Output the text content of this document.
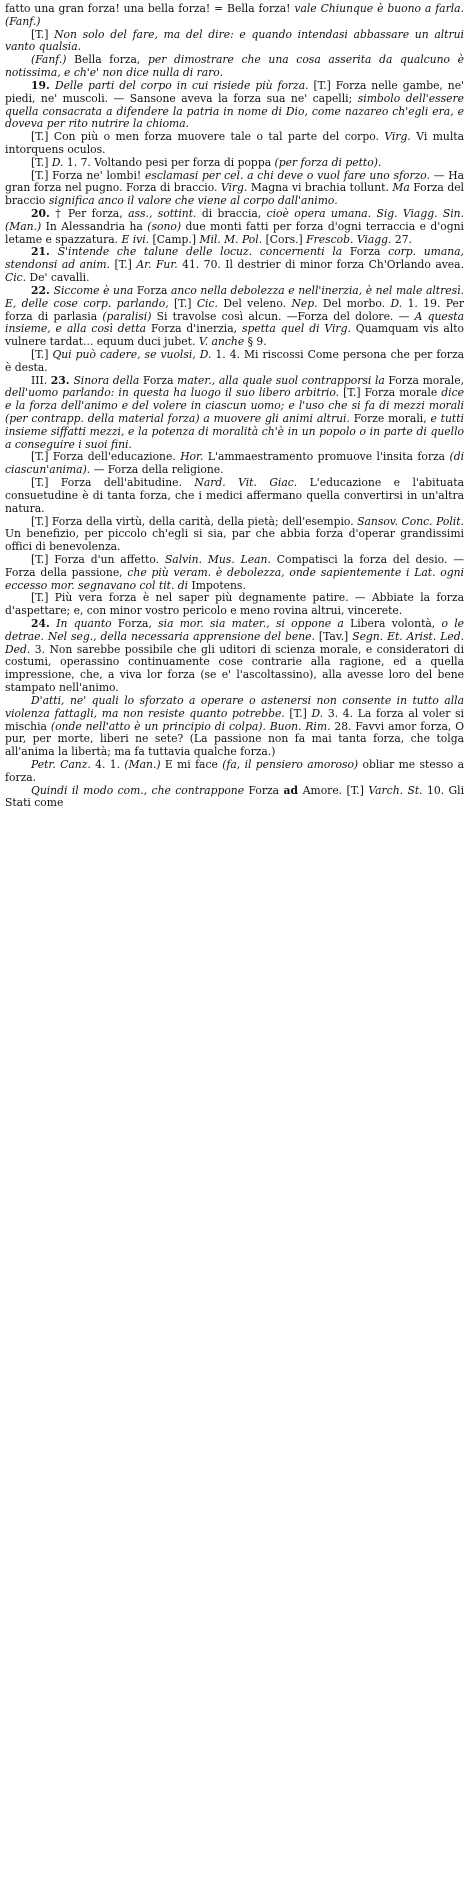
fatto una gran forza! una bella forza! = Bella forza! vale Chiunque è buono a farla. (Fanf.)

[T.] Non solo del fare, ma del dire: e quando intendasi abbassare un altrui vanto qualsia.

(Fanf.) Bella forza, per dimostrare che una cosa asserita da qualcuno è notissima, e ch'e' non dice nulla di raro.

19. Delle parti del corpo in cui risiede più forza. [T.] Forza nelle gambe, ne' piedi, ne' muscoli. — Sansone aveva la forza sua ne' capelli; simbolo dell'essere quella consacrata a difendere la patria in nome di Dio, come nazareo ch'egli era, e doveva per rito nutrire la chioma.

[T.] Con più o men forza muovere tale o tal parte del corpo. Virg. Vi multa intorquens oculos.

[T.] D. 1. 7. Voltando pesi per forza di poppa (per forza di petto).

[T.] Forza ne' lombi! esclamasi per cel. a chi deve o vuol fare uno sforzo. — Ha gran forza nel pugno. Forza di braccio. Virg. Magna vi brachia tollunt. Ma Forza del braccio significa anco il valore che viene al corpo dall'animo.

20. † Per forza, ass., sottint. di braccia, cioè opera umana. Sig. Viagg. Sin. (Man.) In Alessandria ha (sono) due monti fatti per forza d'ogni terraccia e d'ogni letame e spazzatura. E ivi. [Camp.] Mil. M. Pol. [Cors.] Frescob. Viagg. 27.

21. S'intende che talune delle locuz. concernenti la Forza corp. umana, stendonsi ad anim. [T.] Ar. Fur. 41. 70. Il destrier di minor forza Ch'Orlando avea. Cic. De' cavalli.

22. Siccome è una Forza anco nella debolezza e nell'inerzia, è nel male altresì. E, delle cose corp. parlando, [T.] Cic. Del veleno. Nep. Del morbo. D. 1. 19. Per forza di parlasia (paralisi) Si travolse così alcun. —Forza del dolore. — A questa insieme, e alla così detta Forza d'inerzia, spetta quel di Virg. Quamquam vis alto vulnere tardat... equum duci jubet. V. anche § 9.

[T.] Qui può cadere, se vuolsi, D. 1. 4. Mi riscossi Come persona che per forza è desta.

III. 23. Sinora della Forza mater., alla quale suol contrapporsi la Forza morale, dell'uomo parlando: in questa ha luogo il suo libero arbitrio. [T.] Forza morale dice e la forza dell'animo e del volere in ciascun uomo; e l'uso che si fa di mezzi morali (per contrapp. della material forza) a muovere gli animi altrui. Forze morali, e tutti insieme siffatti mezzi, e la potenza di moralità ch'è in un popolo o in parte di quello a conseguire i suoi fini.

[T.] Forza dell'educazione. Hor. L'ammaestramento promuove l'insita forza (di ciascun'anima). — Forza della religione.

[T.] Forza dell'abitudine. Nard. Vit. Giac. L'educazione e l'abituata consuetudine è di tanta forza, che i medici affermano quella convertirsi in un'altra natura.

[T.] Forza della virtù, della carità, della pietà; dell'esempio. Sansov. Conc. Polit. Un benefizio, per piccolo ch'egli si sia, par che abbia forza d'operar grandissimi offici di benevolenza.

[T.] Forza d'un affetto. Salvin. Mus. Lean. Compatisci la forza del desio. — Forza della passione, che più veram. è debolezza, onde sapientemente i Lat. ogni eccesso mor. segnavano col tit. di Impotens.

[T.] Più vera forza è nel saper più degnamente patire. — Abbiate la forza d'aspettare; e, con minor vostro pericolo e meno rovina altrui, vincerete.

24. In quanto Forza, sia mor. sia mater., si oppone a Libera volontà, o le detrae. Nel seg., della necessaria apprensione del bene. [Tav.] Segn. Et. Arist. Led. Ded. 3. Non sarebbe possibile che gli uditori di scienza morale, e consideratori di costumi, operassino continuamente cose contrarie alla ragione, ed a quella impressione, che, a viva lor forza (se e' l'ascoltassino), alla avesse loro del bene stampato nell'animo.

D'atti, ne' quali lo sforzato a operare o astenersi non consente in tutto alla violenza fattagli, ma non resiste quanto potrebbe. [T.] D. 3. 4. La forza al voler si mischia (onde nell'atto è un principio di colpa). Buon. Rim. 28. Favvi amor forza, O pur, per morte, liberi ne sete? (La passione non fa mai tanta forza, che tolga all'anima la libertà; ma fa tuttavia qualche forza.)

Petr. Canz. 4. 1. (Man.) E mi face (fa, il pensiero amoroso) obliar me stesso a forza.

Quindi il modo com., che contrappone Forza ad Amore. [T.] Varch. St. 10. Gli Stati come
